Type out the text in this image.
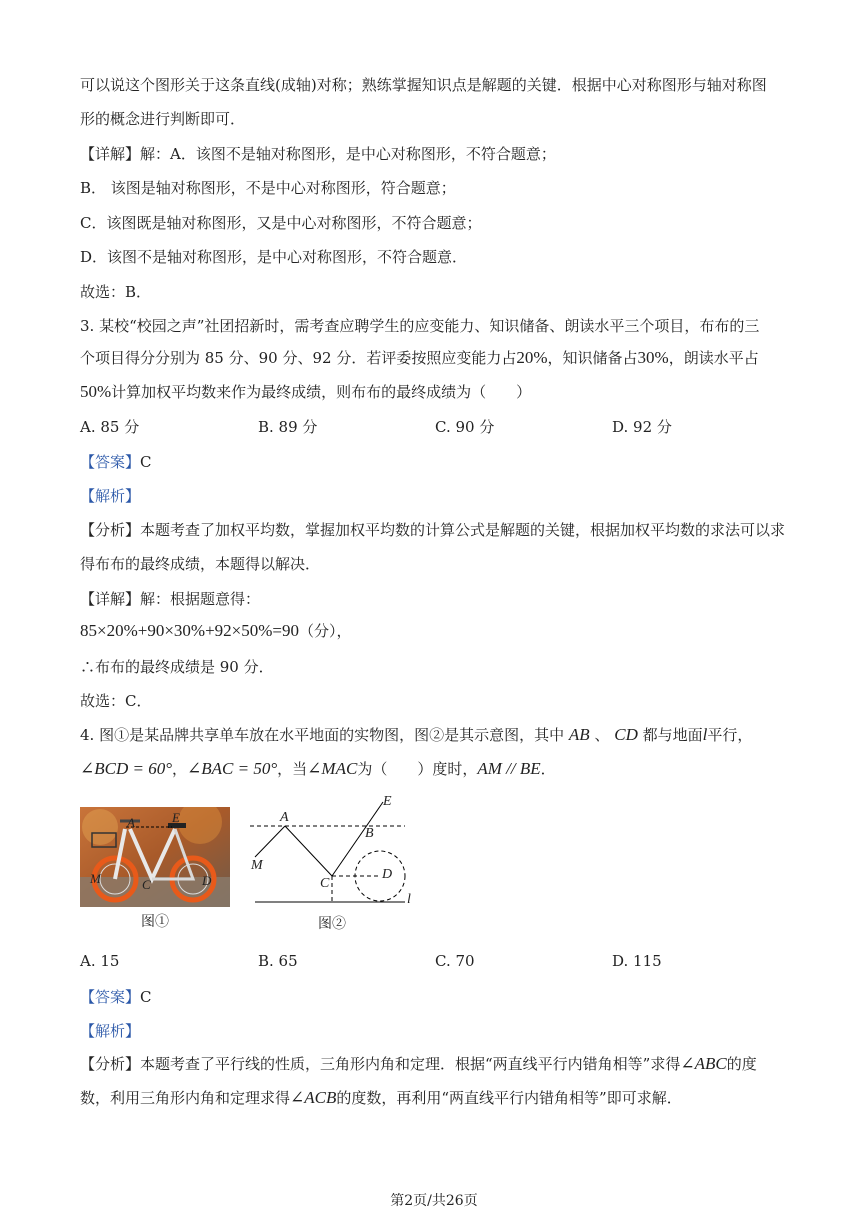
可以说这个图形关于这条直线(成轴)对称；熟练掌握知识点是解题的关键．根据中心对称图形与轴对称图
形的概念进行判断即可．
【详解】解：A．该图不是轴对称图形，是中心对称图形，不符合题意；
B． 该图是轴对称图形，不是中心对称图形，符合题意；
C．该图既是轴对称图形，又是中心对称图形，不符合题意；
D．该图不是轴对称图形，是中心对称图形，不符合题意．
故选：B．
3. 某校“校园之声”社团招新时，需考查应聘学生的应变能力、知识储备、朗读水平三个项目，布布的三
个项目得分分别为 85 分、90 分、92 分．若评委按照应变能力占20%，知识储备占30%，朗读水平占
50%计算加权平均数来作为最终成绩，则布布的最终成绩为（　　）
A. 85 分	B. 89 分	C. 90 分	D. 92 分
【答案】C
【解析】
【分析】本题考查了加权平均数，掌握加权平均数的计算公式是解题的关键，根据加权平均数的求法可以求
得布布的最终成绩，本题得以解决．
【详解】解：根据题意得：
85×20%+90×30%+92×50%=90（分），
∴布布的最终成绩是 90 分．
故选：C．
4. 图①是某品牌共享单车放在水平地面的实物图，图②是其示意图，其中 AB 、 CD 都与地面l平行，
∠BCD = 60°，∠BAC = 50°，当∠MAC为（　　）度时，AM // BE．
A	E
M	C	D
图①
A
B
E
M
C
D
l
图②
A. 15	B. 65	C. 70	D. 115
【答案】C
【解析】
【分析】本题考查了平行线的性质，三角形内角和定理．根据“两直线平行内错角相等”求得∠ABC的度
数，利用三角形内角和定理求得∠ACB的度数，再利用“两直线平行内错角相等”即可求解．
第2页/共26页
